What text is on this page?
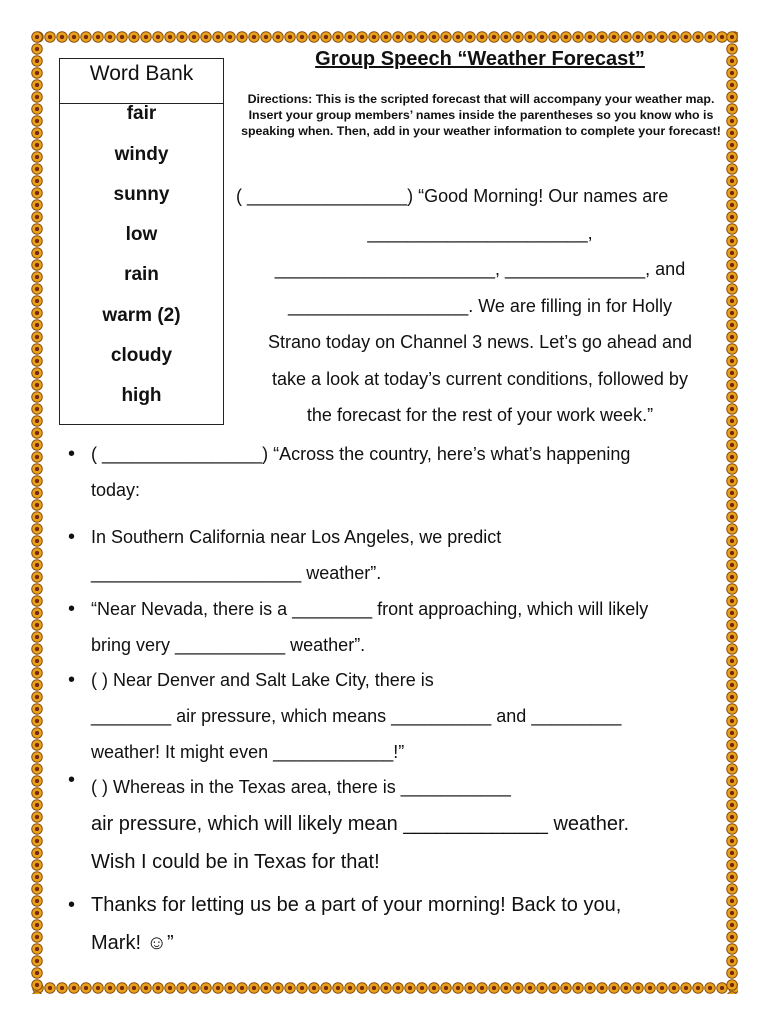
Word Bank
fair
windy
sunny
low
rain
warm (2)
cloudy
high
Group Speech “Weather Forecast”
Directions: This is the scripted forecast that will accompany your weather map. Insert your group members’ names inside the parentheses so you know who is speaking when. Then, add in your weather information to complete your forecast!
( ________________) “Good Morning! Our names are
______________________,
______________________, ______________, and
__________________. We are filling in for Holly
Strano today on Channel 3 news. Let’s go ahead and
take a look at today’s current conditions, followed by
the forecast for the rest of your work week.”
• ( ________________) “Across the country, here’s what’s happening
today:
• In Southern California near Los Angeles, we predict
_____________________ weather”.
• “Near Nevada, there is a ________ front approaching, which will likely
bring very ___________ weather”.
• ( ) Near Denver and Salt Lake City, there is
________ air pressure, which means __________ and _________
weather! It might even ____________!”
• ( ) Whereas in the Texas area, there is ___________
air pressure, which will likely mean _____________ weather.
Wish I could be in Texas for that!
• Thanks for letting us be a part of your morning! Back to you,
Mark! ☺”
